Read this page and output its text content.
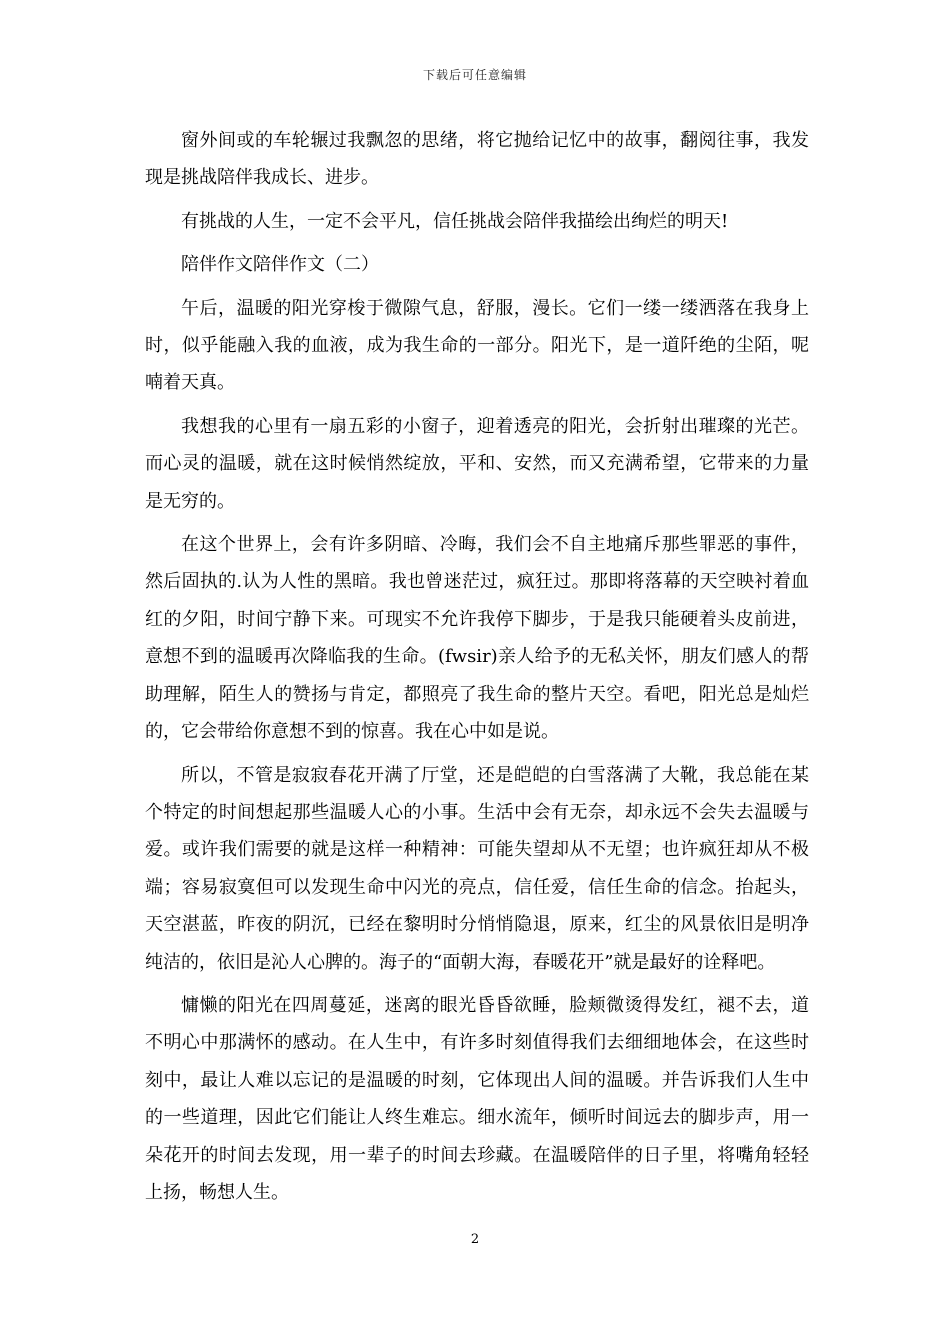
下载后可任意编辑

窗外间或的车轮辗过我飘忽的思绪，将它抛给记忆中的故事，翻阅往事，我发现是挑战陪伴我成长、进步。

有挑战的人生，一定不会平凡，信任挑战会陪伴我描绘出绚烂的明天!

陪伴作文陪伴作文（二）

午后，温暖的阳光穿梭于微隙气息，舒服，漫长。它们一缕一缕洒落在我身上时，似乎能融入我的血液，成为我生命的一部分。阳光下，是一道阡绝的尘陌，呢喃着天真。

我想我的心里有一扇五彩的小窗子，迎着透亮的阳光，会折射出璀璨的光芒。而心灵的温暖，就在这时候悄然绽放，平和、安然，而又充满希望，它带来的力量是无穷的。

在这个世界上，会有许多阴暗、冷晦，我们会不自主地痛斥那些罪恶的事件，然后固执的.认为人性的黑暗。我也曾迷茫过，疯狂过。那即将落幕的天空映衬着血红的夕阳，时间宁静下来。可现实不允许我停下脚步，于是我只能硬着头皮前进，意想不到的温暖再次降临我的生命。(fwsir)亲人给予的无私关怀，朋友们感人的帮助理解，陌生人的赞扬与肯定，都照亮了我生命的整片天空。看吧，阳光总是灿烂的，它会带给你意想不到的惊喜。我在心中如是说。

所以，不管是寂寂春花开满了厅堂，还是皑皑的白雪落满了大靴，我总能在某个特定的时间想起那些温暖人心的小事。生活中会有无奈，却永远不会失去温暖与爱。或许我们需要的就是这样一种精神：可能失望却从不无望；也许疯狂却从不极端；容易寂寞但可以发现生命中闪光的亮点，信任爱，信任生命的信念。抬起头，天空湛蓝，昨夜的阴沉，已经在黎明时分悄悄隐退，原来，红尘的风景依旧是明净纯洁的，依旧是沁人心脾的。海子的“面朝大海，春暖花开”就是最好的诠释吧。

慵懒的阳光在四周蔓延，迷离的眼光昏昏欲睡，脸颊微烫得发红，褪不去，道不明心中那满怀的感动。在人生中，有许多时刻值得我们去细细地体会，在这些时刻中，最让人难以忘记的是温暖的时刻，它体现出人间的温暖。并告诉我们人生中的一些道理，因此它们能让人终生难忘。细水流年，倾听时间远去的脚步声，用一朵花开的时间去发现，用一辈子的时间去珍藏。在温暖陪伴的日子里，将嘴角轻轻上扬，畅想人生。

2
